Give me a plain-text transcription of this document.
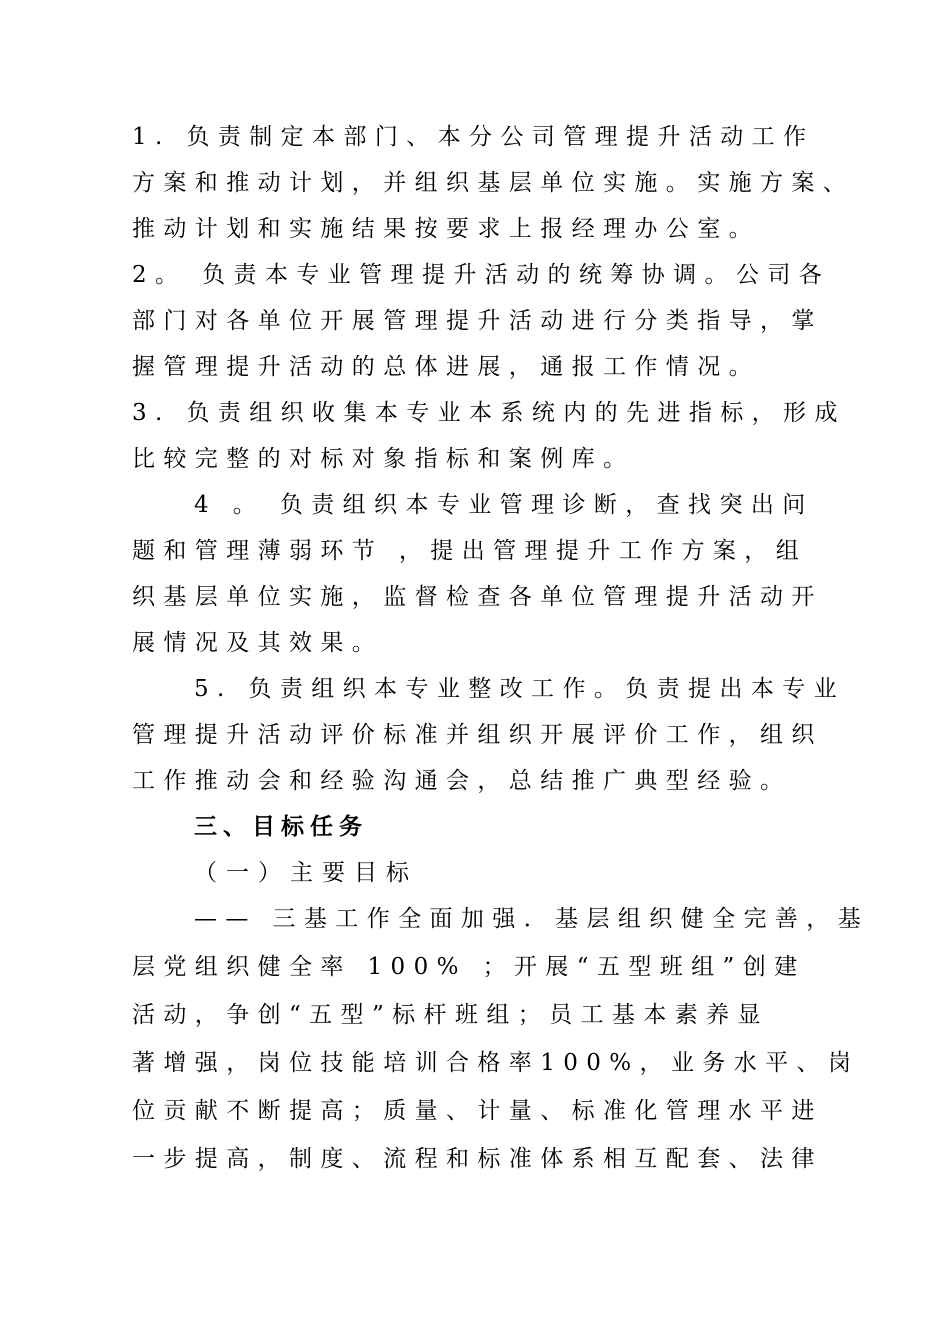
1. 负责制定本部门、本分公司管理提升活动工作
方案和推动计划，并组织基层单位实施。实施方案、
推动计划和实施结果按要求上报经理办公室。
2。 负责本专业管理提升活动的统筹协调。公司各
部门对各单位开展管理提升活动进行分类指导，掌
握管理提升活动的总体进展，通报工作情况。
3. 负责组织收集本专业本系统内的先进指标，形成
比较完整的对标对象指标和案例库。
4 。 负责组织本专业管理诊断，查找突出问
题和管理薄弱环节 ，提出管理提升工作方案，组
织基层单位实施，监督检查各单位管理提升活动开
展情况及其效果。
5. 负责组织本专业整改工作。负责提出本专业
管理提升活动评价标准并组织开展评价工作，组织
工作推动会和经验沟通会，总结推广典型经验。
三、目标任务
（一）主要目标
—— 三基工作全面加强．基层组织健全完善，基
层党组织健全率 100% ；开展“五型班组”创建
活动，争创“五型”标杆班组；员工基本素养显
著增强，岗位技能培训合格率100%，业务水平、岗
位贡献不断提高；质量、计量、标准化管理水平进
一步提高，制度、流程和标准体系相互配套、法律
